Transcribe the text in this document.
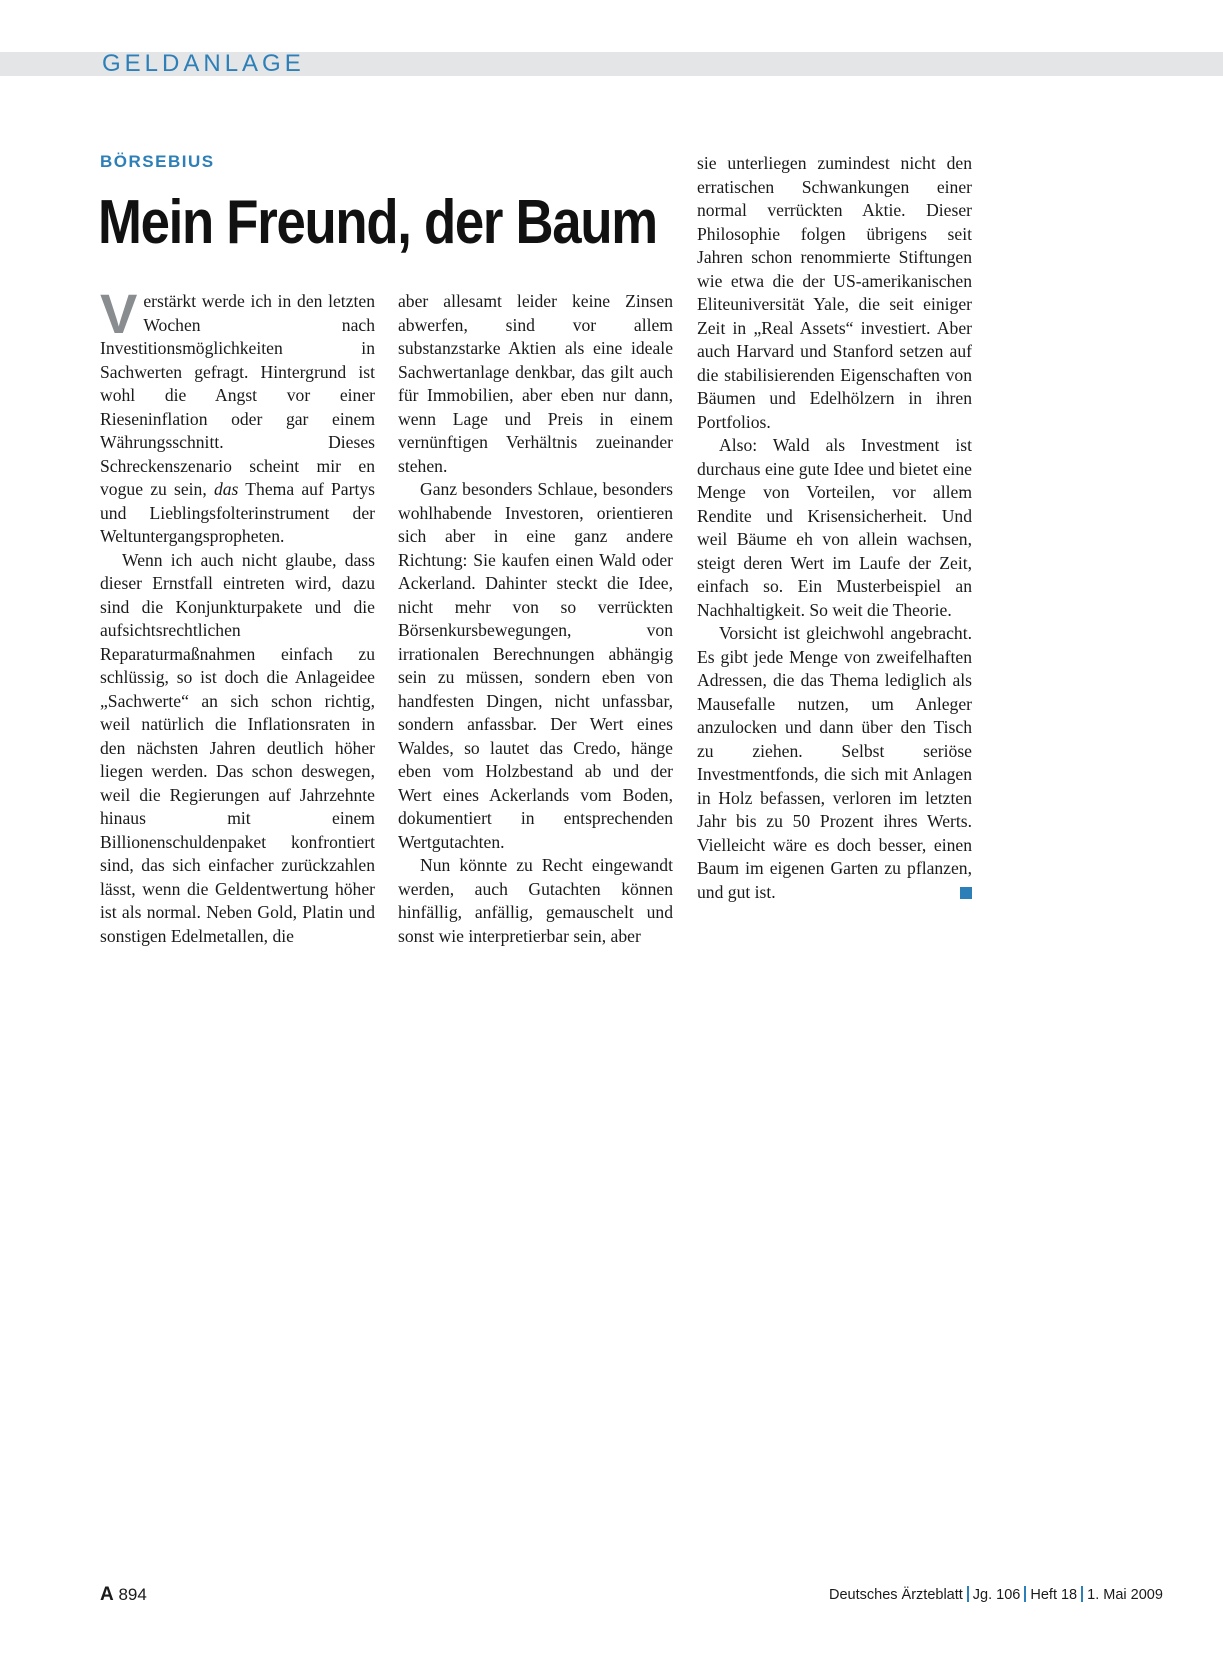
GELDANLAGE
BÖRSEBIUS
Mein Freund, der Baum

Verstärkt werde ich in den letzten Wochen nach Investitionsmöglichkeiten in Sachwerten gefragt. Hintergrund ist wohl die Angst vor einer Rieseninflation oder gar einem Währungsschnitt. Dieses Schreckenszenario scheint mir en vogue zu sein, das Thema auf Partys und Lieblingsfolterinstrument der Weltuntergangspropheten.

Wenn ich auch nicht glaube, dass dieser Ernstfall eintreten wird, dazu sind die Konjunkturpakete und die aufsichtsrechtlichen Reparaturmaßnahmen einfach zu schlüssig, so ist doch die Anlageidee „Sachwerte“ an sich schon richtig, weil natürlich die Inflationsraten in den nächsten Jahren deutlich höher liegen werden. Das schon deswegen, weil die Regierungen auf Jahrzehnte hinaus mit einem Billionenschuldenpaket konfrontiert sind, das sich einfacher zurückzahlen lässt, wenn die Geldentwertung höher ist als normal. Neben Gold, Platin und sonstigen Edelmetallen, die

aber allesamt leider keine Zinsen abwerfen, sind vor allem substanzstarke Aktien als eine ideale Sachwertanlage denkbar, das gilt auch für Immobilien, aber eben nur dann, wenn Lage und Preis in einem vernünftigen Verhältnis zueinander stehen.

Ganz besonders Schlaue, besonders wohlhabende Investoren, orientieren sich aber in eine ganz andere Richtung: Sie kaufen einen Wald oder Ackerland. Dahinter steckt die Idee, nicht mehr von so verrückten Börsenkursbewegungen, von irrationalen Berechnungen abhängig sein zu müssen, sondern eben von handfesten Dingen, nicht unfassbar, sondern anfassbar. Der Wert eines Waldes, so lautet das Credo, hänge eben vom Holzbestand ab und der Wert eines Ackerlands vom Boden, dokumentiert in entsprechenden Wertgutachten.

Nun könnte zu Recht eingewandt werden, auch Gutachten können hinfällig, anfällig, gemauschelt und sonst wie interpretierbar sein, aber

sie unterliegen zumindest nicht den erratischen Schwankungen einer normal verrückten Aktie. Dieser Philosophie folgen übrigens seit Jahren schon renommierte Stiftungen wie etwa die der US-amerikanischen Eliteuniversität Yale, die seit einiger Zeit in „Real Assets“ investiert. Aber auch Harvard und Stanford setzen auf die stabilisierenden Eigenschaften von Bäumen und Edelhölzern in ihren Portfolios.

Also: Wald als Investment ist durchaus eine gute Idee und bietet eine Menge von Vorteilen, vor allem Rendite und Krisensicherheit. Und weil Bäume eh von allein wachsen, steigt deren Wert im Laufe der Zeit, einfach so. Ein Musterbeispiel an Nachhaltigkeit. So weit die Theorie.

Vorsicht ist gleichwohl angebracht. Es gibt jede Menge von zweifelhaften Adressen, die das Thema lediglich als Mausefalle nutzen, um Anleger anzulocken und dann über den Tisch zu ziehen. Selbst seriöse Investmentfonds, die sich mit Anlagen in Holz befassen, verloren im letzten Jahr bis zu 50 Prozent ihres Werts. Vielleicht wäre es doch besser, einen Baum im eigenen Garten zu pflanzen, und gut ist.

A 894	Deutsches Ärzteblatt Jg. 106 Heft 18 1. Mai 2009
